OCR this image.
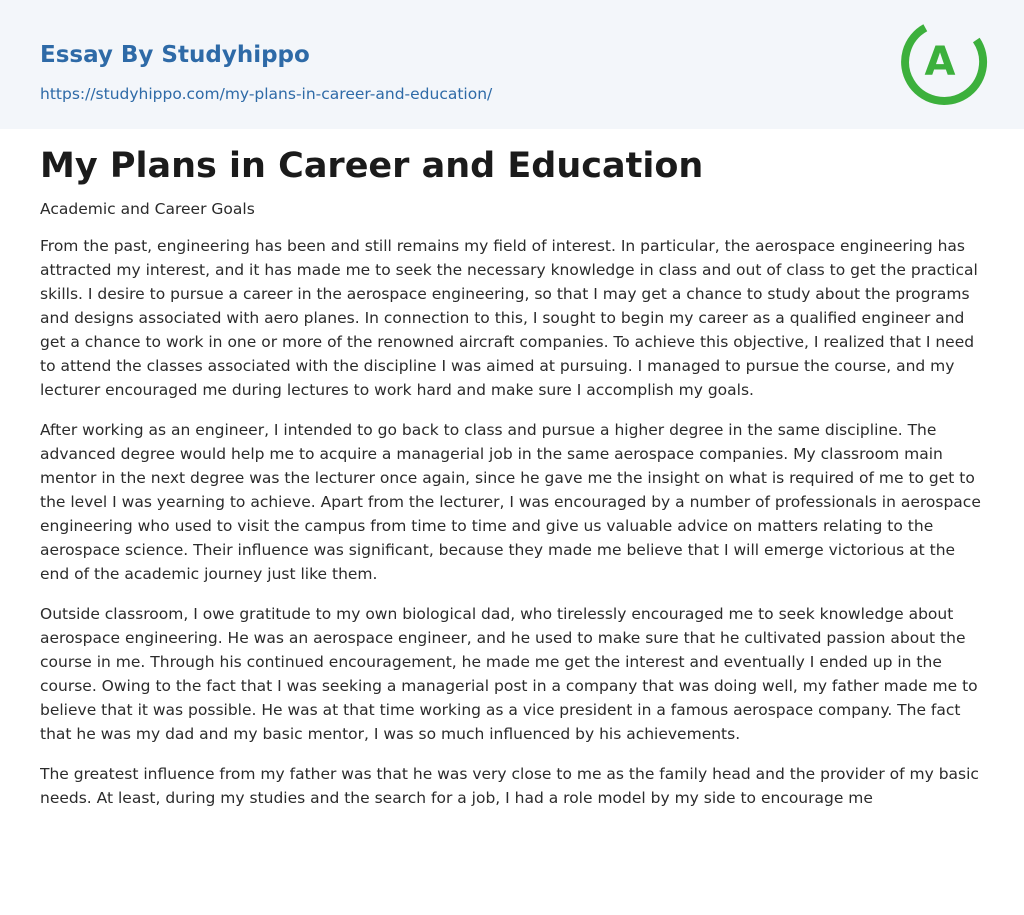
Essay By Studyhippo
https://studyhippo.com/my-plans-in-career-and-education/
A
My Plans in Career and Education
Academic and Career Goals

From the past, engineering has been and still remains my field of interest. In particular, the aerospace engineering has attracted my interest, and it has made me to seek the necessary knowledge in class and out of class to get the practical skills. I desire to pursue a career in the aerospace engineering, so that I may get a chance to study about the programs and designs associated with aero planes. In connection to this, I sought to begin my career as a qualified engineer and get a chance to work in one or more of the renowned aircraft companies. To achieve this objective, I realized that I need to attend the classes associated with the discipline I was aimed at pursuing. I managed to pursue the course, and my lecturer encouraged me during lectures to work hard and make sure I accomplish my goals.

After working as an engineer, I intended to go back to class and pursue a higher degree in the same discipline. The advanced degree would help me to acquire a managerial job in the same aerospace companies. My classroom main mentor in the next degree was the lecturer once again, since he gave me the insight on what is required of me to get to the level I was yearning to achieve. Apart from the lecturer, I was encouraged by a number of professionals in aerospace engineering who used to visit the campus from time to time and give us valuable advice on matters relating to the aerospace science. Their influence was significant, because they made me believe that I will emerge victorious at the end of the academic journey just like them.

Outside classroom, I owe gratitude to my own biological dad, who tirelessly encouraged me to seek knowledge about aerospace engineering. He was an aerospace engineer, and he used to make sure that he cultivated passion about the course in me. Through his continued encouragement, he made me get the interest and eventually I ended up in the course. Owing to the fact that I was seeking a managerial post in a company that was doing well, my father made me to believe that it was possible. He was at that time working as a vice president in a famous aerospace company. The fact that he was my dad and my basic mentor, I was so much influenced by his achievements.

The greatest influence from my father was that he was very close to me as the family head and the provider of my basic needs. At least, during my studies and the search for a job, I had a role model by my side to encourage me
